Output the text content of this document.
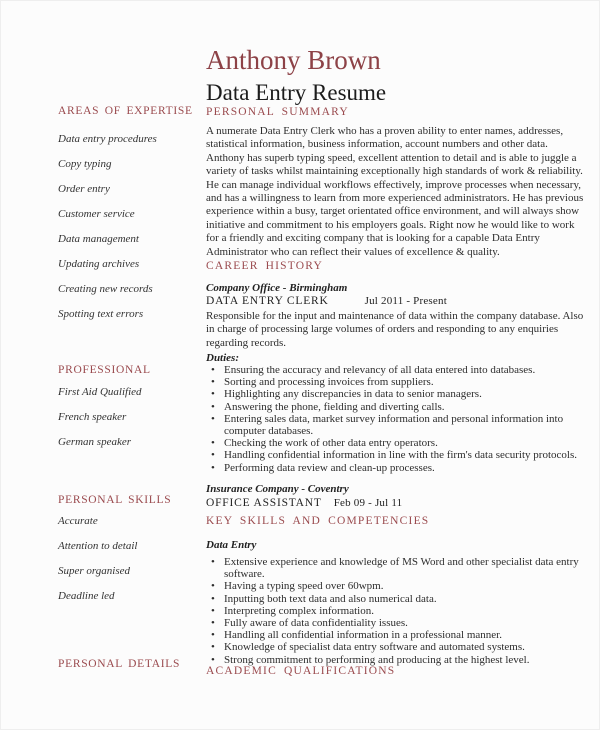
Anthony Brown
Data Entry Resume
AREAS OF EXPERTISE
Data entry procedures
Copy typing
Order entry
Customer service
Data management
Updating archives
Creating new records
Spotting text errors
PROFESSIONAL
First Aid Qualified
French speaker
German speaker
PERSONAL SKILLS
Accurate
Attention to detail
Super organised
Deadline led
PERSONAL DETAILS
PERSONAL SUMMARY

A numerate Data Entry Clerk who has a proven ability to enter names, addresses, statistical information, business information, account numbers and other data. Anthony has superb typing speed, excellent attention to detail and is able to juggle a variety of tasks whilst maintaining exceptionally high standards of work & reliability. He can manage individual workflows effectively, improve processes when necessary, and has a willingness to learn from more experienced administrators. He has previous experience within a busy, target orientated office environment, and will always show initiative and commitment to his employers goals. Right now he would like to work for a friendly and exciting company that is looking for a capable Data Entry Administrator who can reflect their values of excellence & quality.

CAREER HISTORY
Company Office - Birmingham
DATA ENTRY CLERK	Jul 2011 - Present

Responsible for the input and maintenance of data within the company database. Also in charge of processing large volumes of orders and responding to any enquiries regarding records.

Duties:
• Ensuring the accuracy and relevancy of all data entered into databases.
• Sorting and processing invoices from suppliers.
• Highlighting any discrepancies in data to senior managers.
• Answering the phone, fielding and diverting calls.
• Entering sales data, market survey information and personal information into computer databases.
• Checking the work of other data entry operators.
• Handling confidential information in line with the firm's data security protocols.
• Performing data review and clean-up processes.
Insurance Company - Coventry
OFFICE ASSISTANT Feb 09 - Jul 11
KEY SKILLS AND COMPETENCIES
Data Entry
• Extensive experience and knowledge of MS Word and other specialist data entry software.
• Having a typing speed over 60wpm.
• Inputting both text data and also numerical data.
• Interpreting complex information.
• Fully aware of data confidentiality issues.
• Handling all confidential information in a professional manner.
• Knowledge of specialist data entry software and automated systems.
• Strong commitment to performing and producing at the highest level.
ACADEMIC QUALIFICATIONS
